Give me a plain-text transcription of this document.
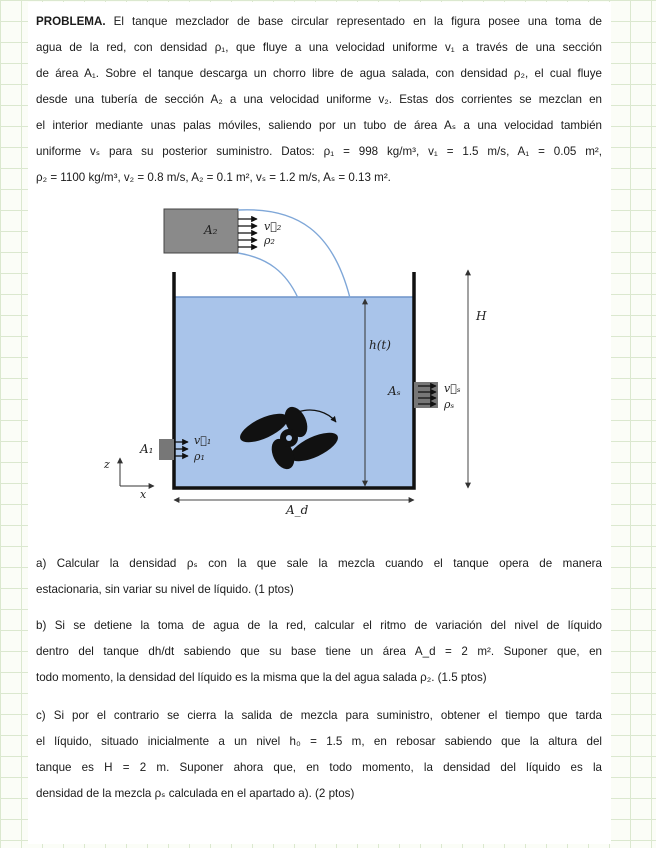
PROBLEMA. El tanque mezclador de base circular representado en la figura posee una toma de
agua de la red, con densidad ρ₁, que fluye a una velocidad uniforme v₁ a través de una sección
de área A₁. Sobre el tanque descarga un chorro libre de agua salada, con densidad ρ₂, el cual fluye
desde una tubería de sección A₂ a una velocidad uniforme v₂. Estas dos corrientes se mezclan en
el interior mediante unas palas móviles, saliendo por un tubo de área Aₛ a una velocidad también
uniforme vₛ para su posterior suministro. Datos: ρ₁ = 998 kg/m³, v₁ = 1.5 m/s, A₁ = 0.05 m²,
ρ₂ = 1100 kg/m³, v₂ = 0.8 m/s, A₂ = 0.1 m², vₛ = 1.2 m/s, Aₛ = 0.13 m².
A₂	v⃗₂
ρ₂
A₁
v⃗₁
ρ₁
Aₛ	v⃗ₛ
ρₛ
h(t)
H
A_d
z
x
a) Calcular la densidad ρₛ con la que sale la mezcla cuando el tanque opera de manera
estacionaria, sin variar su nivel de líquido. (1 ptos)
b) Si se detiene la toma de agua de la red, calcular el ritmo de variación del nivel de líquido
dentro del tanque dh/dt sabiendo que su base tiene un área A_d = 2 m². Suponer que, en
todo momento, la densidad del líquido es la misma que la del agua salada ρ₂. (1.5 ptos)
c) Si por el contrario se cierra la salida de mezcla para suministro, obtener el tiempo que tarda
el líquido, situado inicialmente a un nivel h₀ = 1.5 m, en rebosar sabiendo que la altura del
tanque es H = 2 m. Suponer ahora que, en todo momento, la densidad del líquido es la
densidad de la mezcla ρₛ calculada en el apartado a). (2 ptos)
